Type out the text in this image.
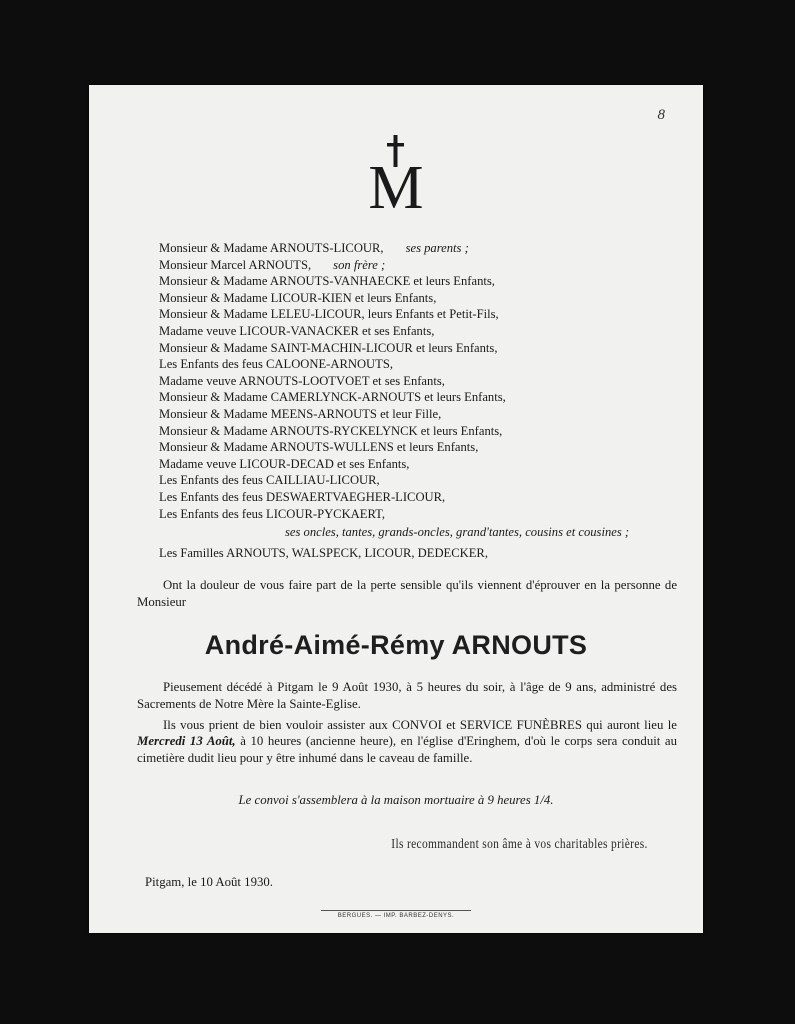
8
M
Monsieur & Madame ARNOUTS-LICOUR, ses parents ;
Monsieur Marcel ARNOUTS, son frère ;
Monsieur & Madame ARNOUTS-VANHAECKE et leurs Enfants,
Monsieur & Madame LICOUR-KIEN et leurs Enfants,
Monsieur & Madame LELEU-LICOUR, leurs Enfants et Petit-Fils,
Madame veuve LICOUR-VANACKER et ses Enfants,
Monsieur & Madame SAINT-MACHIN-LICOUR et leurs Enfants,
Les Enfants des feus CALOONE-ARNOUTS,
Madame veuve ARNOUTS-LOOTVOET et ses Enfants,
Monsieur & Madame CAMERLYNCK-ARNOUTS et leurs Enfants,
Monsieur & Madame MEENS-ARNOUTS et leur Fille,
Monsieur & Madame ARNOUTS-RYCKELYNCK et leurs Enfants,
Monsieur & Madame ARNOUTS-WULLENS et leurs Enfants,
Madame veuve LICOUR-DECAD et ses Enfants,
Les Enfants des feus CAILLIAU-LICOUR,
Les Enfants des feus DESWAERTVAEGHER-LICOUR,
Les Enfants des feus LICOUR-PYCKAERT,
ses oncles, tantes, grands-oncles, grand'tantes, cousins et cousines ;
Les Familles ARNOUTS, WALSPECK, LICOUR, DEDECKER,

Ont la douleur de vous faire part de la perte sensible qu'ils viennent d'éprouver en la personne de Monsieur

André-Aimé-Rémy ARNOUTS

Pieusement décédé à Pitgam le 9 Août 1930, à 5 heures du soir, à l'âge de 9 ans, administré des Sacrements de Notre Mère la Sainte-Eglise.

Ils vous prient de bien vouloir assister aux CONVOI et SERVICE FUNÈBRES qui auront lieu le Mercredi 13 Août, à 10 heures (ancienne heure), en l'église d'Eringhem, d'où le corps sera conduit au cimetière dudit lieu pour y être inhumé dans le caveau de famille.

Le convoi s'assemblera à la maison mortuaire à 9 heures 1/4.
Ils recommandent son âme à vos charitables prières.
Pitgam, le 10 Août 1930.
BERGUES. — IMP. BARBEZ-DENYS.
